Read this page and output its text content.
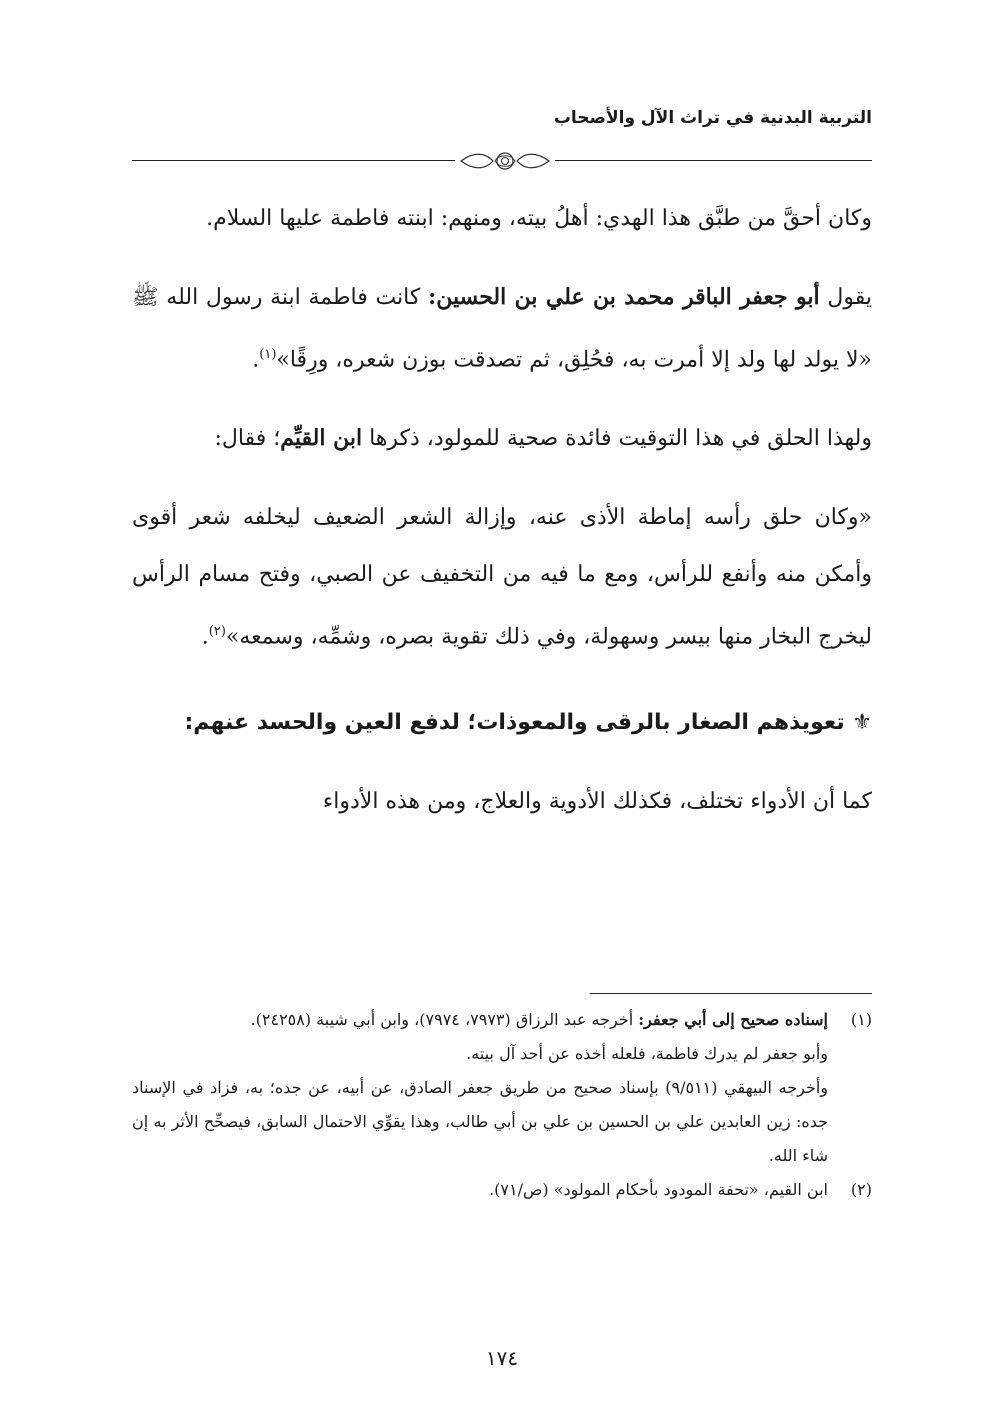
التربية البدنية في تراث الآل والأصحاب

وكان أحقَّ من طبَّق هذا الهدي: أهلُ بيته، ومنهم: ابنته فاطمة عليها السلام.

يقول أبو جعفر الباقر محمد بن علي بن الحسين: كانت فاطمة ابنة رسول الله ﷺ «لا يولد لها ولد إلا أمرت به، فحُلِق، ثم تصدقت بوزن شعره، ورِقًا»$^{(١)}$.

ولهذا الحلق في هذا التوقيت فائدة صحية للمولود، ذكرها ابن القيِّم؛ فقال:

«وكان حلق رأسه إماطة الأذى عنه، وإزالة الشعر الضعيف ليخلفه شعر أقوى وأمكن منه وأنفع للرأس، ومع ما فيه من التخفيف عن الصبي، وفتح مسام الرأس ليخرج البخار منها بيسر وسهولة، وفي ذلك تقوية بصره، وشمِّه، وسمعه»$^{(٢)}$.

⚜ تعويذهم الصغار بالرقى والمعوذات؛ لدفع العين والحسد عنهم:

كما أن الأدواء تختلف، فكذلك الأدوية والعلاج، ومن هذه الأدواء

(١)إسناده صحيح إلى أبي جعفر: أخرجه عبد الرزاق (٧٩٧٣، ٧٩٧٤)، وابن أبي شيبة (٢٤٢٥٨).

وأبو جعفر لم يدرك فاطمة، فلعله أخذه عن أحد آل بيته.

وأخرجه البيهقي (٩/٥١١) بإسناد صحيح من طريق جعفر الصادق، عن أبيه، عن جده؛ به، فزاد في الإسناد جده: زين العابدين علي بن الحسين بن علي بن أبي طالب، وهذا يقوِّي الاحتمال السابق، فيصحِّح الأثر به إن شاء الله.

(٢)ابن القيم، «تحفة المودود بأحكام المولود» (ص/٧١).

١٧٤
